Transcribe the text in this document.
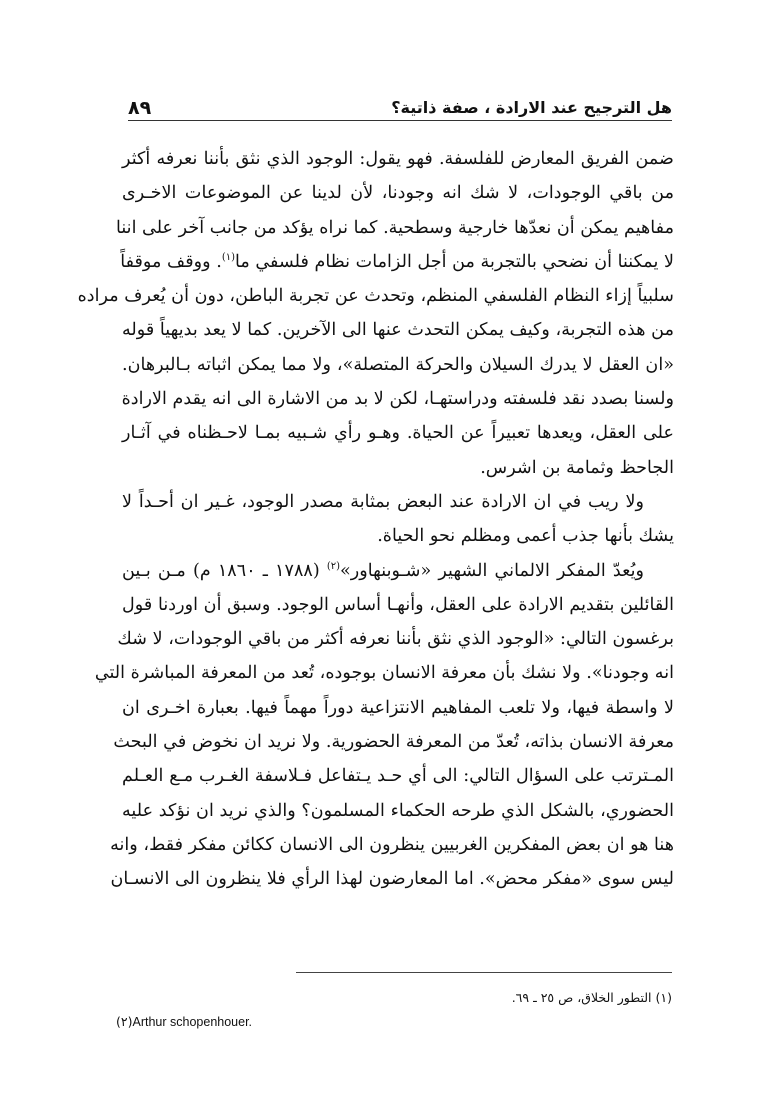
٨٩	هل الترجيح عند الارادة ، صفة ذاتية؟
ضمن الفريق المعارض للفلسفة. فهو يقول: الوجود الذي نثق بأننا نعرفه أكثر
من باقي الوجودات، لا شك انه وجودنا، لأن لدينا عن الموضوعات الاخـرى
مفاهيم يمكن أن نعدّها خارجية وسطحية. كما نراه يؤكد من جانب آخر على اننا
لا يمكننا أن نضحي بالتجربة من أجل الزامات نظام فلسفي ما$^{(١)}$. ووقف موقفاً
سلبياً إزاء النظام الفلسفي المنظم، وتحدث عن تجربة الباطن، دون أن يُعرف مراده
من هذه التجربة، وكيف يمكن التحدث عنها الى الآخرين. كما لا يعد بديهياً قوله
«ان العقل لا يدرك السيلان والحركة المتصلة»، ولا مما يمكن اثباته بـالبرهان.
ولسنا بصدد نقد فلسفته ودراستهـا، لكن لا بد من الاشارة الى انه يقدم الارادة
على العقل، ويعدها تعبيراً عن الحياة. وهـو رأي شـبيه بمـا لاحـظناه في آثـار
الجاحظ وثمامة بن اشرس.
ولا ريب في ان الارادة عند البعض بمثابة مصدر الوجود، غـير ان أحـداً لا
يشك بأنها جذب أعمى ومظلم نحو الحياة.
ويُعدّ المفكر الالماني الشهير «شـوبنهاور»$^{(٢)}$ (١٧٨٨ ـ ١٨٦٠ م) مـن بـين
القائلين بتقديم الارادة على العقل، وأنهـا أساس الوجود. وسبق أن اوردنا قول
برغسون التالي: «الوجود الذي نثق بأننا نعرفه أكثر من باقي الوجودات، لا شك
انه وجودنا». ولا نشك بأن معرفة الانسان بوجوده، تُعد من المعرفة المباشرة التي
لا واسطة فيها، ولا تلعب المفاهيم الانتزاعية دوراً مهماً فيها. بعبارة اخـرى ان
معرفة الانسان بذاته، تُعدّ من المعرفة الحضورية. ولا نريد ان نخوض في البحث
المـترتب على السؤال التالي: الى أي حـد يـتفاعل فـلاسفة الغـرب مـع العـلم
الحضوري، بالشكل الذي طرحه الحكماء المسلمون؟ والذي نريد ان نؤكد عليه
هنا هو ان بعض المفكرين الغربيين ينظرون الى الانسان ككائن مفكر فقط، وانه
ليس سوى «مفكر محض». اما المعارضون لهذا الرأي فلا ينظرون الى الانسـان
(١) التطور الخلاق، ص ٢٥ ـ ٦٩.
(٢)Arthur schopenhouer.
